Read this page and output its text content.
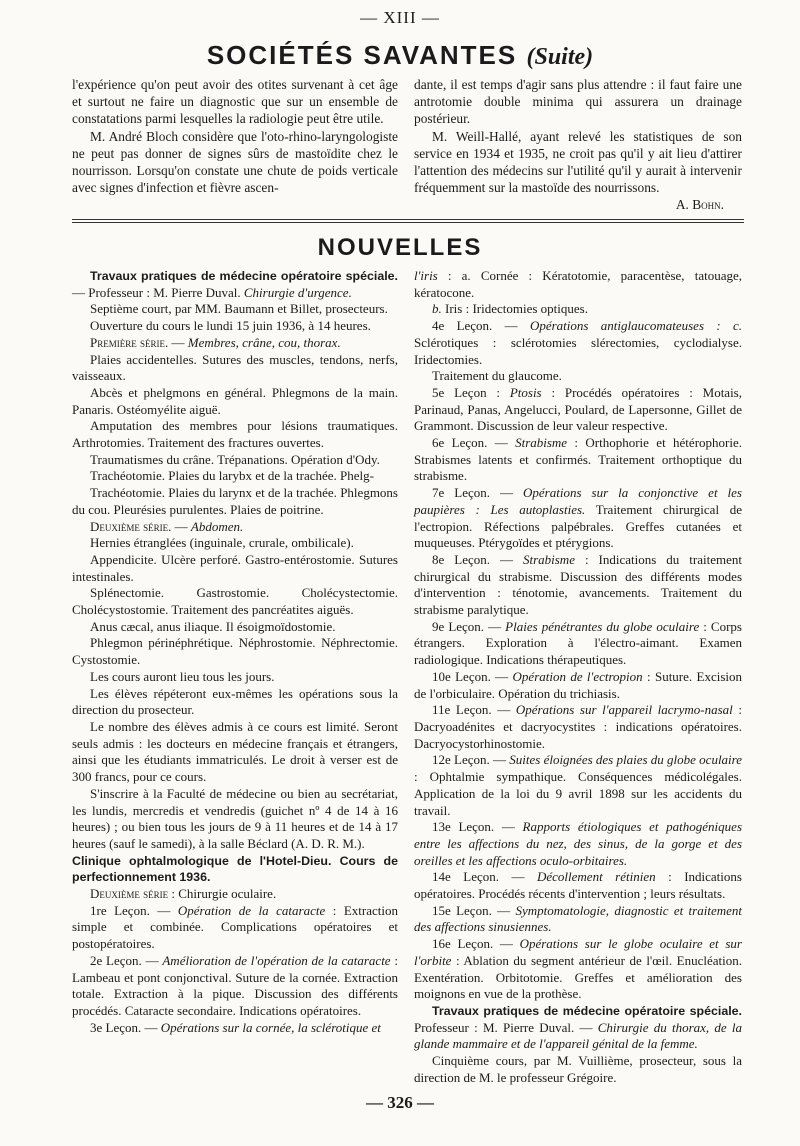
— XIII —
SOCIÉTÉS SAVANTES (Suite)

l'expérience qu'on peut avoir des otites survenant à cet âge et surtout ne faire un diagnostic que sur un ensemble de constatations parmi lesquelles la radiologie peut être utile.

M. André Bloch considère que l'oto-rhino-laryngologiste ne peut pas donner de signes sûrs de mastoïdite chez le nourrisson. Lorsqu'on constate une chute de poids verticale avec signes d'infection et fièvre ascen-

dante, il est temps d'agir sans plus attendre : il faut faire une antrotomie double minima qui assurera un drainage postérieur.

M. Weill-Hallé, ayant relevé les statistiques de son service en 1934 et 1935, ne croit pas qu'il y ait lieu d'attirer l'attention des médecins sur l'utilité qu'il y aurait à intervenir fréquemment sur la mastoïde des nourrissons.

A. Bohn.

NOUVELLES

Travaux pratiques de médecine opératoire spéciale. — Professeur : M. Pierre Duval. Chirurgie d'urgence.

Septième court, par MM. Baumann et Billet, prosecteurs.

Ouverture du cours le lundi 15 juin 1936, à 14 heures.

Première série. — Membres, crâne, cou, thorax.

Plaies accidentelles. Sutures des muscles, tendons, nerfs, vaisseaux.

Abcès et phelgmons en général. Phlegmons de la main. Panaris. Ostéomyélite aiguë.

Amputation des membres pour lésions traumatiques. Arthrotomies. Traitement des fractures ouvertes.

Traumatismes du crâne. Trépanations. Opération d'Ody.

Trachéotomie. Plaies du larybx et de la trachée. Phelg-

Trachéotomie. Plaies du larynx et de la trachée. Phlegmons du cou. Pleurésies purulentes. Plaies de poitrine.

Deuxième série. — Abdomen.

Hernies étranglées (inguinale, crurale, ombilicale).

Appendicite. Ulcère perforé. Gastro-entérostomie. Sutures intestinales.

Splénectomie. Gastrostomie. Cholécystectomie. Cholécystostomie. Traitement des pancréatites aiguës.

Anus cæcal, anus iliaque. Il ésoigmoïdostomie.

Phlegmon périnéphrétique. Néphrostomie. Néphrectomie. Cystostomie.

Les cours auront lieu tous les jours.

Les élèves répéteront eux-mêmes les opérations sous la direction du prosecteur.

Le nombre des élèves admis à ce cours est limité. Seront seuls admis : les docteurs en médecine français et étrangers, ainsi que les étudiants immatriculés. Le droit à verser est de 300 francs, pour ce cours.

S'inscrire à la Faculté de médecine ou bien au secrétariat, les lundis, mercredis et vendredis (guichet nº 4 de 14 à 16 heures) ; ou bien tous les jours de 9 à 11 heures et de 14 à 17 heures (sauf le samedi), à la salle Béclard (A. D. R. M.).

Clinique ophtalmologique de l'Hotel-Dieu. Cours de perfectionnement 1936.

Deuxième série : Chirurgie oculaire.

1re Leçon. — Opération de la cataracte : Extraction simple et combinée. Complications opératoires et postopératoires.

2e Leçon. — Amélioration de l'opération de la cataracte : Lambeau et pont conjonctival. Suture de la cornée. Extraction totale. Extraction à la pique. Discussion des différents procédés. Cataracte secondaire. Indications opératoires.

3e Leçon. — Opérations sur la cornée, la sclérotique et

l'iris : a. Cornée : Kératotomie, paracentèse, tatouage, kératocone.

b. Iris : Iridectomies optiques.

4e Leçon. — Opérations antiglaucomateuses : c. Sclérotiques : sclérotomies slérectomies, cyclodialyse. Iridectomies.

Traitement du glaucome.

5e Leçon : Ptosis : Procédés opératoires : Motais, Parinaud, Panas, Angelucci, Poulard, de Lapersonne, Gillet de Grammont. Discussion de leur valeur respective.

6e Leçon. — Strabisme : Orthophorie et hétérophorie. Strabismes latents et confirmés. Traitement orthoptique du strabisme.

7e Leçon. — Opérations sur la conjonctive et les paupières : Les autoplasties. Traitement chirurgical de l'ectropion. Réfections palpébrales. Greffes cutanées et muqueuses. Ptérygoïdes et ptérygions.

8e Leçon. — Strabisme : Indications du traitement chirurgical du strabisme. Discussion des différents modes d'intervention : ténotomie, avancements. Traitement du strabisme paralytique.

9e Leçon. — Plaies pénétrantes du globe oculaire : Corps étrangers. Exploration à l'électro-aimant. Examen radiologique. Indications thérapeutiques.

10e Leçon. — Opération de l'ectropion : Suture. Excision de l'orbiculaire. Opération du trichiasis.

11e Leçon. — Opérations sur l'appareil lacrymo-nasal : Dacryoadénites et dacryocystites : indications opératoires. Dacryocystorhinostomie.

12e Leçon. — Suites éloignées des plaies du globe oculaire : Ophtalmie sympathique. Conséquences médicolégales. Application de la loi du 9 avril 1898 sur les accidents du travail.

13e Leçon. — Rapports étiologiques et pathogéniques entre les affections du nez, des sinus, de la gorge et des oreilles et les affections oculo-orbitaires.

14e Leçon. — Décollement rétinien : Indications opératoires. Procédés récents d'intervention ; leurs résultats.

15e Leçon. — Symptomatologie, diagnostic et traitement des affections sinusiennes.

16e Leçon. — Opérations sur le globe oculaire et sur l'orbite : Ablation du segment antérieur de l'œil. Enucléation. Exentération. Orbitotomie. Greffes et amélioration des moignons en vue de la prothèse.

Travaux pratiques de médecine opératoire spéciale. Professeur : M. Pierre Duval. — Chirurgie du thorax, de la glande mammaire et de l'appareil génital de la femme.

Cinquième cours, par M. Vuillième, prosecteur, sous la direction de M. le professeur Grégoire.

— 326 —
